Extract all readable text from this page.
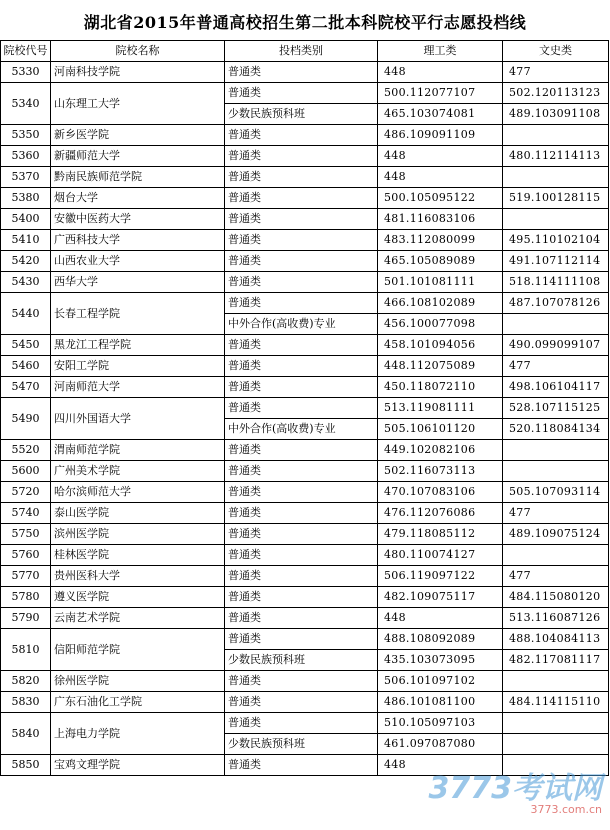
湖北省2015年普通高校招生第二批本科院校平行志愿投档线
院校代号	院校名称	投档类别	理工类	文史类
5330	河南科技学院	普通类	448	477
5340	山东理工大学	普通类	500.112077107	502.120113123
		少数民族预科班	465.103074081	489.103091108
5350	新乡医学院	普通类	486.109091109	
5360	新疆师范大学	普通类	448	480.112114113
5370	黔南民族师范学院	普通类	448	
5380	烟台大学	普通类	500.105095122	519.100128115
5400	安徽中医药大学	普通类	481.116083106	
5410	广西科技大学	普通类	483.112080099	495.110102104
5420	山西农业大学	普通类	465.105089089	491.107112114
5430	西华大学	普通类	501.101081111	518.114111108
5440	长春工程学院	普通类	466.108102089	487.107078126
		中外合作(高收费)专业	456.100077098	
5450	黑龙江工程学院	普通类	458.101094056	490.099099107
5460	安阳工学院	普通类	448.112075089	477
5470	河南师范大学	普通类	450.118072110	498.106104117
5490	四川外国语大学	普通类	513.119081111	528.107115125
		中外合作(高收费)专业	505.106101120	520.118084134
5520	渭南师范学院	普通类	449.102082106	
5600	广州美术学院	普通类	502.116073113	
5720	哈尔滨师范大学	普通类	470.107083106	505.107093114
5740	泰山医学院	普通类	476.112076086	477
5750	滨州医学院	普通类	479.118085112	489.109075124
5760	桂林医学院	普通类	480.110074127	
5770	贵州医科大学	普通类	506.119097122	477
5780	遵义医学院	普通类	482.109075117	484.115080120
5790	云南艺术学院	普通类	448	513.116087126
5810	信阳师范学院	普通类	488.108092089	488.104084113
		少数民族预科班	435.103073095	482.117081117
5820	徐州医学院	普通类	506.101097102	
5830	广东石油化工学院	普通类	486.101081100	484.114115110
5840	上海电力学院	普通类	510.105097103	
		少数民族预科班	461.097087080	
5850	宝鸡文理学院	普通类	448	
3773考试网
3773.com.cn
